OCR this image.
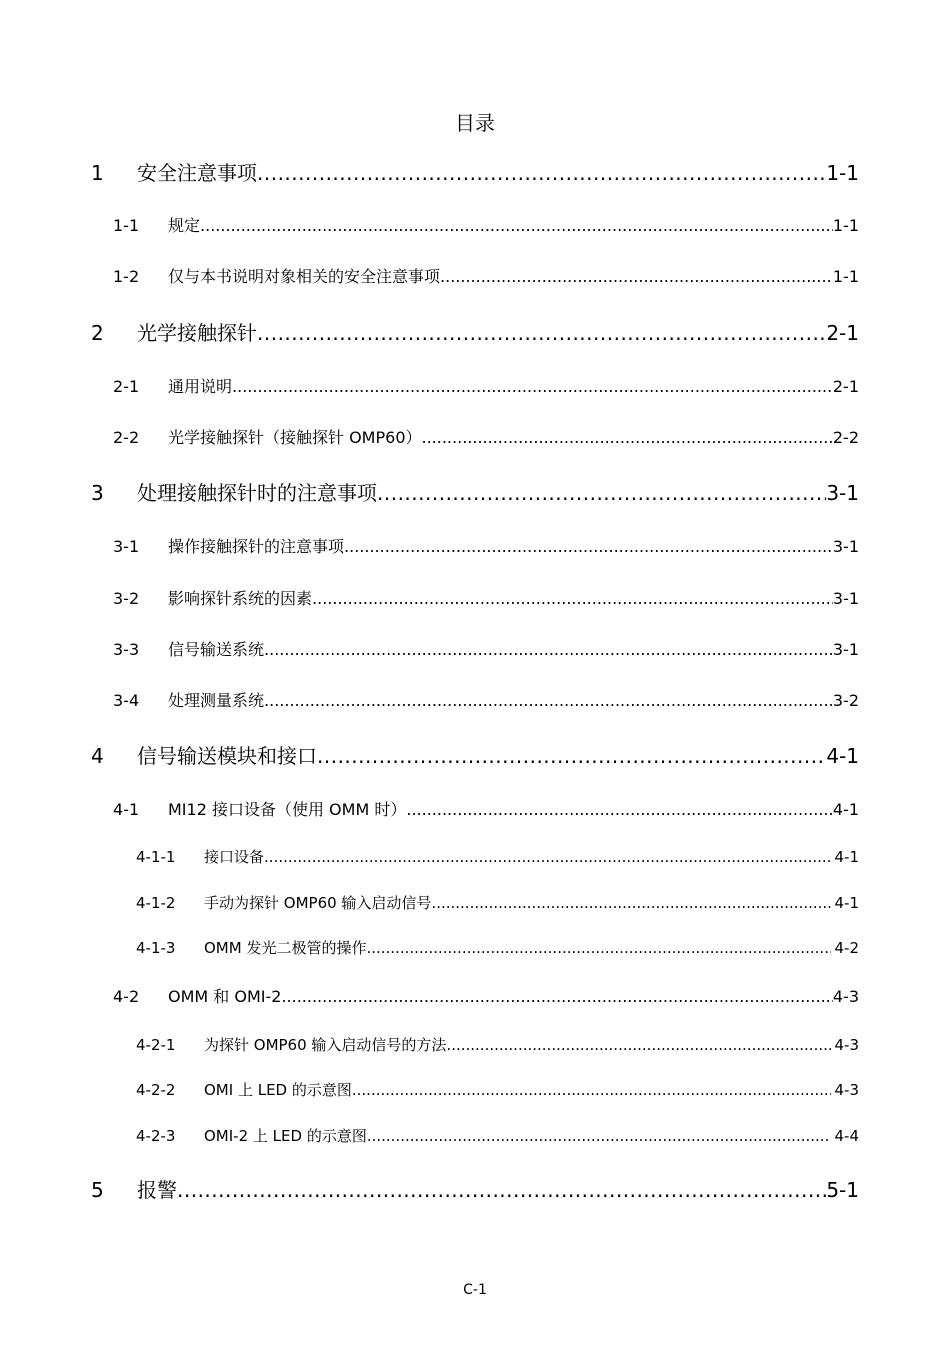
目录
1	安全注意事项 .....	1-1
1-1	规定 .....	1-1
1-2	仅与本书说明对象相关的安全注意事项 .....	1-1
2	光学接触探针 .....	2-1
2-1	通用说明 .....	2-1
2-2	光学接触探针（接触探针 OMP60） .....	2-2
3	处理接触探针时的注意事项 .....	3-1
3-1	操作接触探针的注意事项 .....	3-1
3-2	影响探针系统的因素 .....	3-1
3-3	信号输送系统 .....	3-1
3-4	处理测量系统 .....	3-2
4	信号输送模块和接口 .....	4-1
4-1	MI12 接口设备（使用 OMM 时） .....	4-1
4-1-1	接口设备 .....	4-1
4-1-2	手动为探针 OMP60 输入启动信号 .....	4-1
4-1-3	OMM 发光二极管的操作 .....	4-2
4-2	OMM 和 OMI-2 .....	4-3
4-2-1	为探针 OMP60 输入启动信号的方法 .....	4-3
4-2-2	OMI 上 LED 的示意图 .....	4-3
4-2-3	OMI-2 上 LED 的示意图 .....	4-4
5	报警 .....	5-1
C-1
